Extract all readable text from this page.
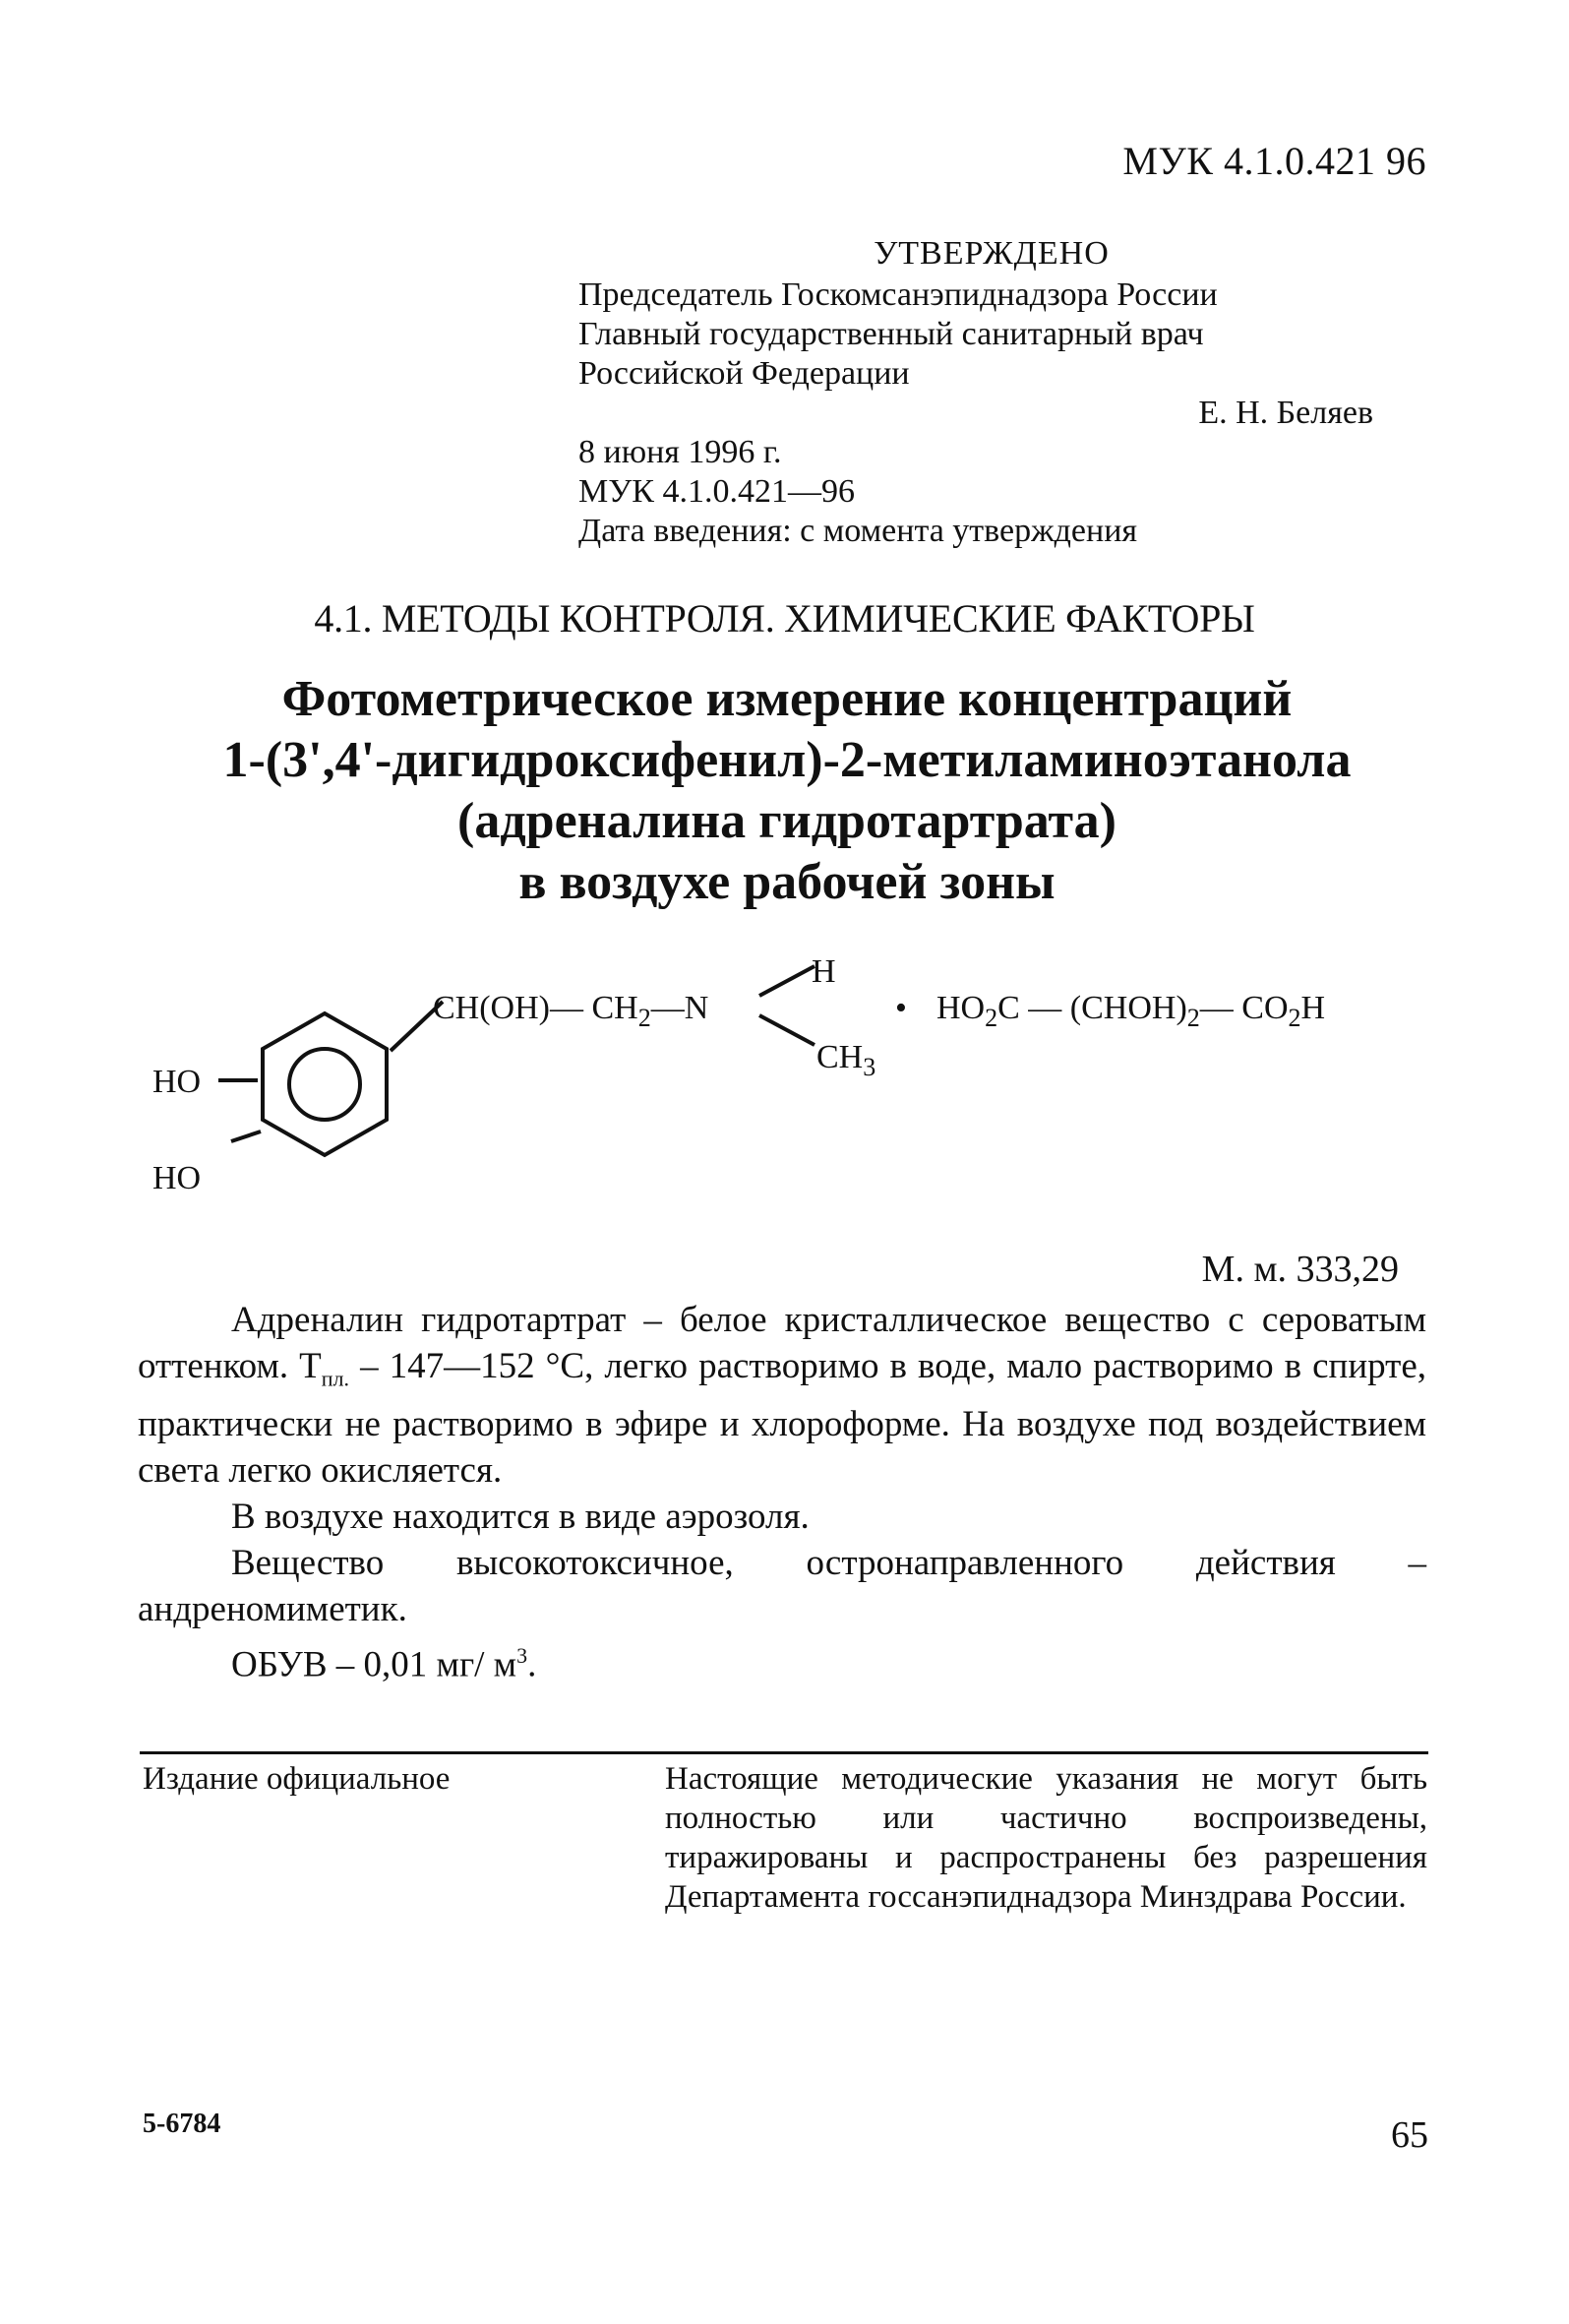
МУК 4.1.0.421 96
УТВЕРЖДЕНО
Председатель Госкомсанэпиднадзора России
Главный государственный санитарный врач
Российской Федерации
Е. Н. Беляев
8 июня 1996 г.
МУК 4.1.0.421—96
Дата введения: с момента утверждения
4.1. МЕТОДЫ КОНТРОЛЯ. ХИМИЧЕСКИЕ ФАКТОРЫ
Фотометрическое измерение концентраций
1-(3',4'-дигидроксифенил)-2-метиламиноэтанола
(адреналина гидротартрата)
в воздухе рабочей зоны
HO
HO
CH(OH)— $CH_2—N$
H
$CH_3$
• $HO_2C$ — $(CHOH)_2—$ $CO_2H$
М. м. 333,29

Адреналин гидротартрат – белое кристаллическое вещество с сероватым оттенком. $Т_{пл.}$ – 147—152 °С, легко растворимо в воде, мало растворимо в спирте, практически не растворимо в эфире и хлороформе. На воздухе под воздействием света легко окисляется.

В воздухе находится в виде аэрозоля.

Вещество высокотоксичное, остронаправленного действия – андреномиметик.

ОБУВ – 0,01 мг/ $м^3$.

Издание официальное	Настоящие методические указания не могут быть полностью или частично воспроизведены, тиражированы и распространены без разрешения Департамента госсанэпиднадзора Минздрава России.
5-6784	65
